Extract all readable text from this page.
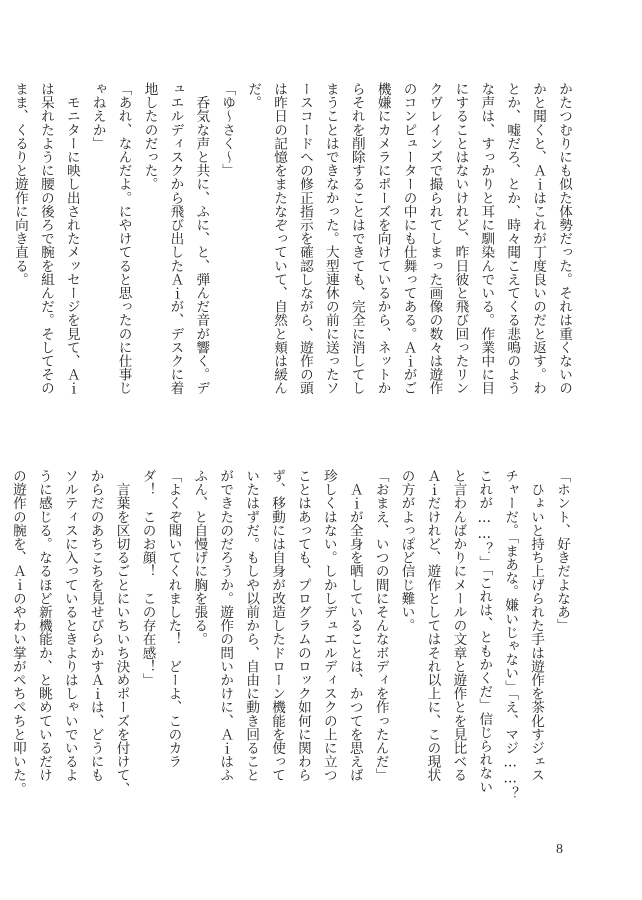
かたつむりにも似た体勢だった。それは重くないの
かと聞くと、Ａｉはこれが丁度良いのだと返す。わ
とか、嘘だろ、とか、時々聞こえてくる悲鳴のよう
な声は、すっかりと耳に馴染んでいる。作業中に目
にすることはないけれど、昨日彼と飛び回ったリン
クヴレインズで撮られてしまった画像の数々は遊作
のコンピューターの中にも仕舞ってある。Ａｉがご
機嫌にカメラにポーズを向けているから、ネットか
らそれを削除することはできても、完全に消してし
まうことはできなかった。大型連休の前に送ったソ
ースコードへの修正指示を確認しながら、遊作の頭
は昨日の記憶をまたなぞっていて、自然と頬は緩ん
だ。
「ゆ〜さく〜」
　呑気な声と共に、ふに、と、弾んだ音が響く。デ
ュエルディスクから飛び出したＡｉが、デスクに着
地したのだった。
「あれ、なんだよ。にやけてると思ったのに仕事じ
ゃねえか」
　モニターに映し出されたメッセージを見て、Ａｉ
は呆れたように腰の後ろで腕を組んだ。そしてその
まま、くるりと遊作に向き直る。
「ホント、好きだよなあ」
　ひょいと持ち上げられた手は遊作を茶化すジェス
チャーだ。「まあな。嫌いじゃない」「え、マジ……？
これが……？」「これは、ともかくだ」信じられない
と言わんばかりにメールの文章と遊作とを見比べる
Ａｉだけれど、遊作としてはそれ以上に、この現状
の方がよっぽど信じ難い。
「おまえ、いつの間にそんなボディを作ったんだ」
　Ａｉが全身を晒していることは、かつてを思えば
珍しくはない。しかしデュエルディスクの上に立つ
ことはあっても、プログラムのロック如何に関わら
ず、移動には自身が改造したドローン機能を使って
いたはずだ。もしや以前から、自由に動き回ること
ができたのだろうか。遊作の問いかけに、Ａｉはふ
ふん、と自慢げに胸を張る。
「よくぞ聞いてくれました！　どーよ、このカラ
ダ！　このお顔！　この存在感！」
　言葉を区切るごとにいちいち決めポーズを付けて、
からだのあちこちを見せびらかすＡｉは、どうにも
ソルティスに入っているときよりはしゃいでいるよ
うに感じる。なるほど新機能か、と眺めているだけ
の遊作の腕を、Ａｉのやわい掌がぺちぺちと叩いた。
8
